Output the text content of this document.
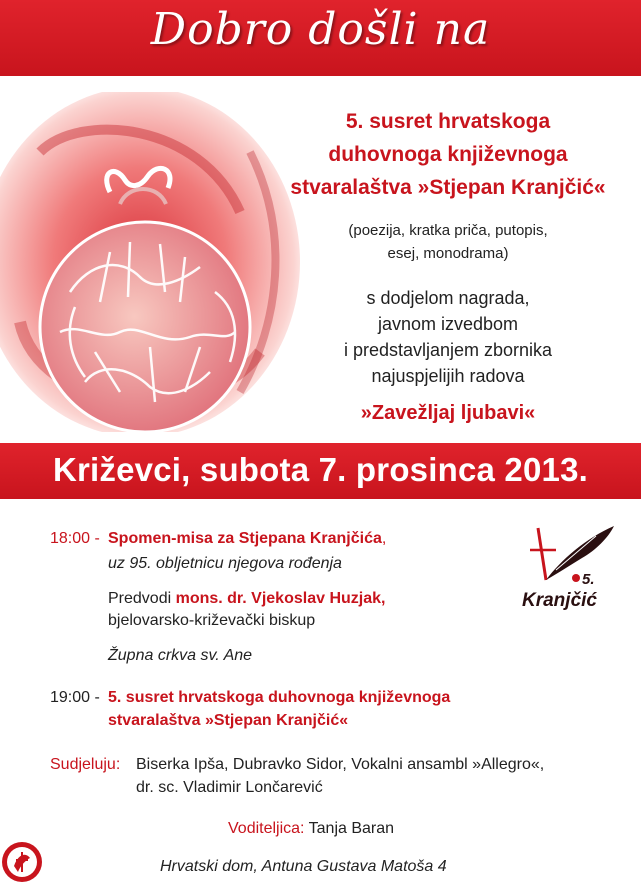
Dobro došli na
5. susret hrvatskoga
duhovnoga književnoga
stvaralaštva »Stjepan Kranjčić«
(poezija, kratka priča, putopis,
esej, monodrama)
s dodjelom nagrada,
javnom izvedbom
i predstavljanjem zbornika
najuspjelijih radova
»Zavežljaj ljubavi«
Križevci, subota 7. prosinca 2013.
18:00 - Spomen-misa za Stjepana Kranjčića,
uz 95. obljetnicu njegova rođenja
Predvodi mons. dr. Vjekoslav Huzjak,
bjelovarsko-križevački biskup
Župna crkva sv. Ane
19:00 - 5. susret hrvatskoga duhovnoga književnoga
stvaralaštva »Stjepan Kranjčić«
Sudjeluju: Biserka Ipša, Dubravko Sidor, Vokalni ansambl »Allegro«,
dr. sc. Vladimir Lončarević
Voditeljica: Tanja Baran
Hrvatski dom, Antuna Gustava Matoša 4
5.
Kranjčić
